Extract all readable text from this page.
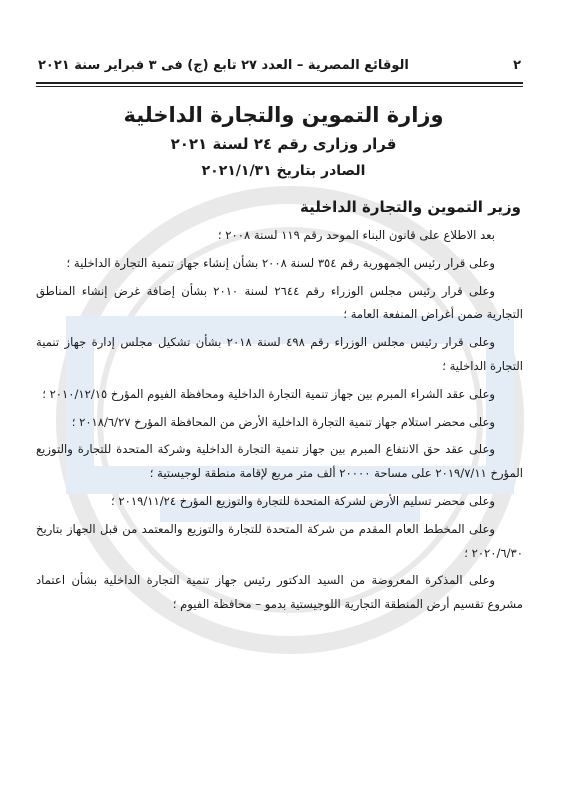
٢
الوقائع المصرية – العدد ٢٧ تابع (ج) فى ٣ فبراير سنة ٢٠٢١

وزارة التموين والتجارة الداخلية

قرار وزارى رقم ٢٤ لسنة ٢٠٢١

الصادر بتاريخ ٢٠٢١/١/٣١

وزير التموين والتجارة الداخلية

بعد الاطلاع على قانون البناء الموحد رقم ١١٩ لسنة ٢٠٠٨ ؛

وعلى قرار رئيس الجمهورية رقم ٣٥٤ لسنة ٢٠٠٨ بشأن إنشاء جهاز تنمية التجارة الداخلية ؛

وعلى قرار رئيس مجلس الوزراء رقم ٢٦٤٤ لسنة ٢٠١٠ بشأن إضافة غرض إنشاء المناطق التجارية ضمن أغراض المنفعة العامة ؛

وعلى قرار رئيس مجلس الوزراء رقم ٤٩٨ لسنة ٢٠١٨ بشأن تشكيل مجلس إدارة جهاز تنمية التجارة الداخلية ؛

وعلى عقد الشراء المبرم بين جهاز تنمية التجارة الداخلية ومحافظة الفيوم المؤرخ ٢٠١٠/١٢/١٥ ؛

وعلى محضر استلام جهاز تنمية التجارة الداخلية الأرض من المحافظة المؤرخ ٢٠١٨/٦/٢٧ ؛

وعلى عقد حق الانتفاع المبرم بين جهاز تنمية التجارة الداخلية وشركة المتحدة للتجارة والتوزيع المؤرخ ٢٠١٩/٧/١١ على مساحة ٢٠٠٠٠ ألف متر مربع لإقامة منطقة لوجيستية ؛

وعلى محضر تسليم الأرض لشركة المتحدة للتجارة والتوزيع المؤرخ ٢٠١٩/١١/٢٤ ؛

وعلى المخطط العام المقدم من شركة المتحدة للتجارة والتوزيع والمعتمد من قبل الجهاز بتاريخ ٢٠٢٠/٦/٣٠ ؛

وعلى المذكرة المعروضة من السيد الدكتور رئيس جهاز تنمية التجارة الداخلية بشأن اعتماد مشروع تقسيم أرض المنطقة التجارية اللوجيستية بدمو – محافظة الفيوم ؛
